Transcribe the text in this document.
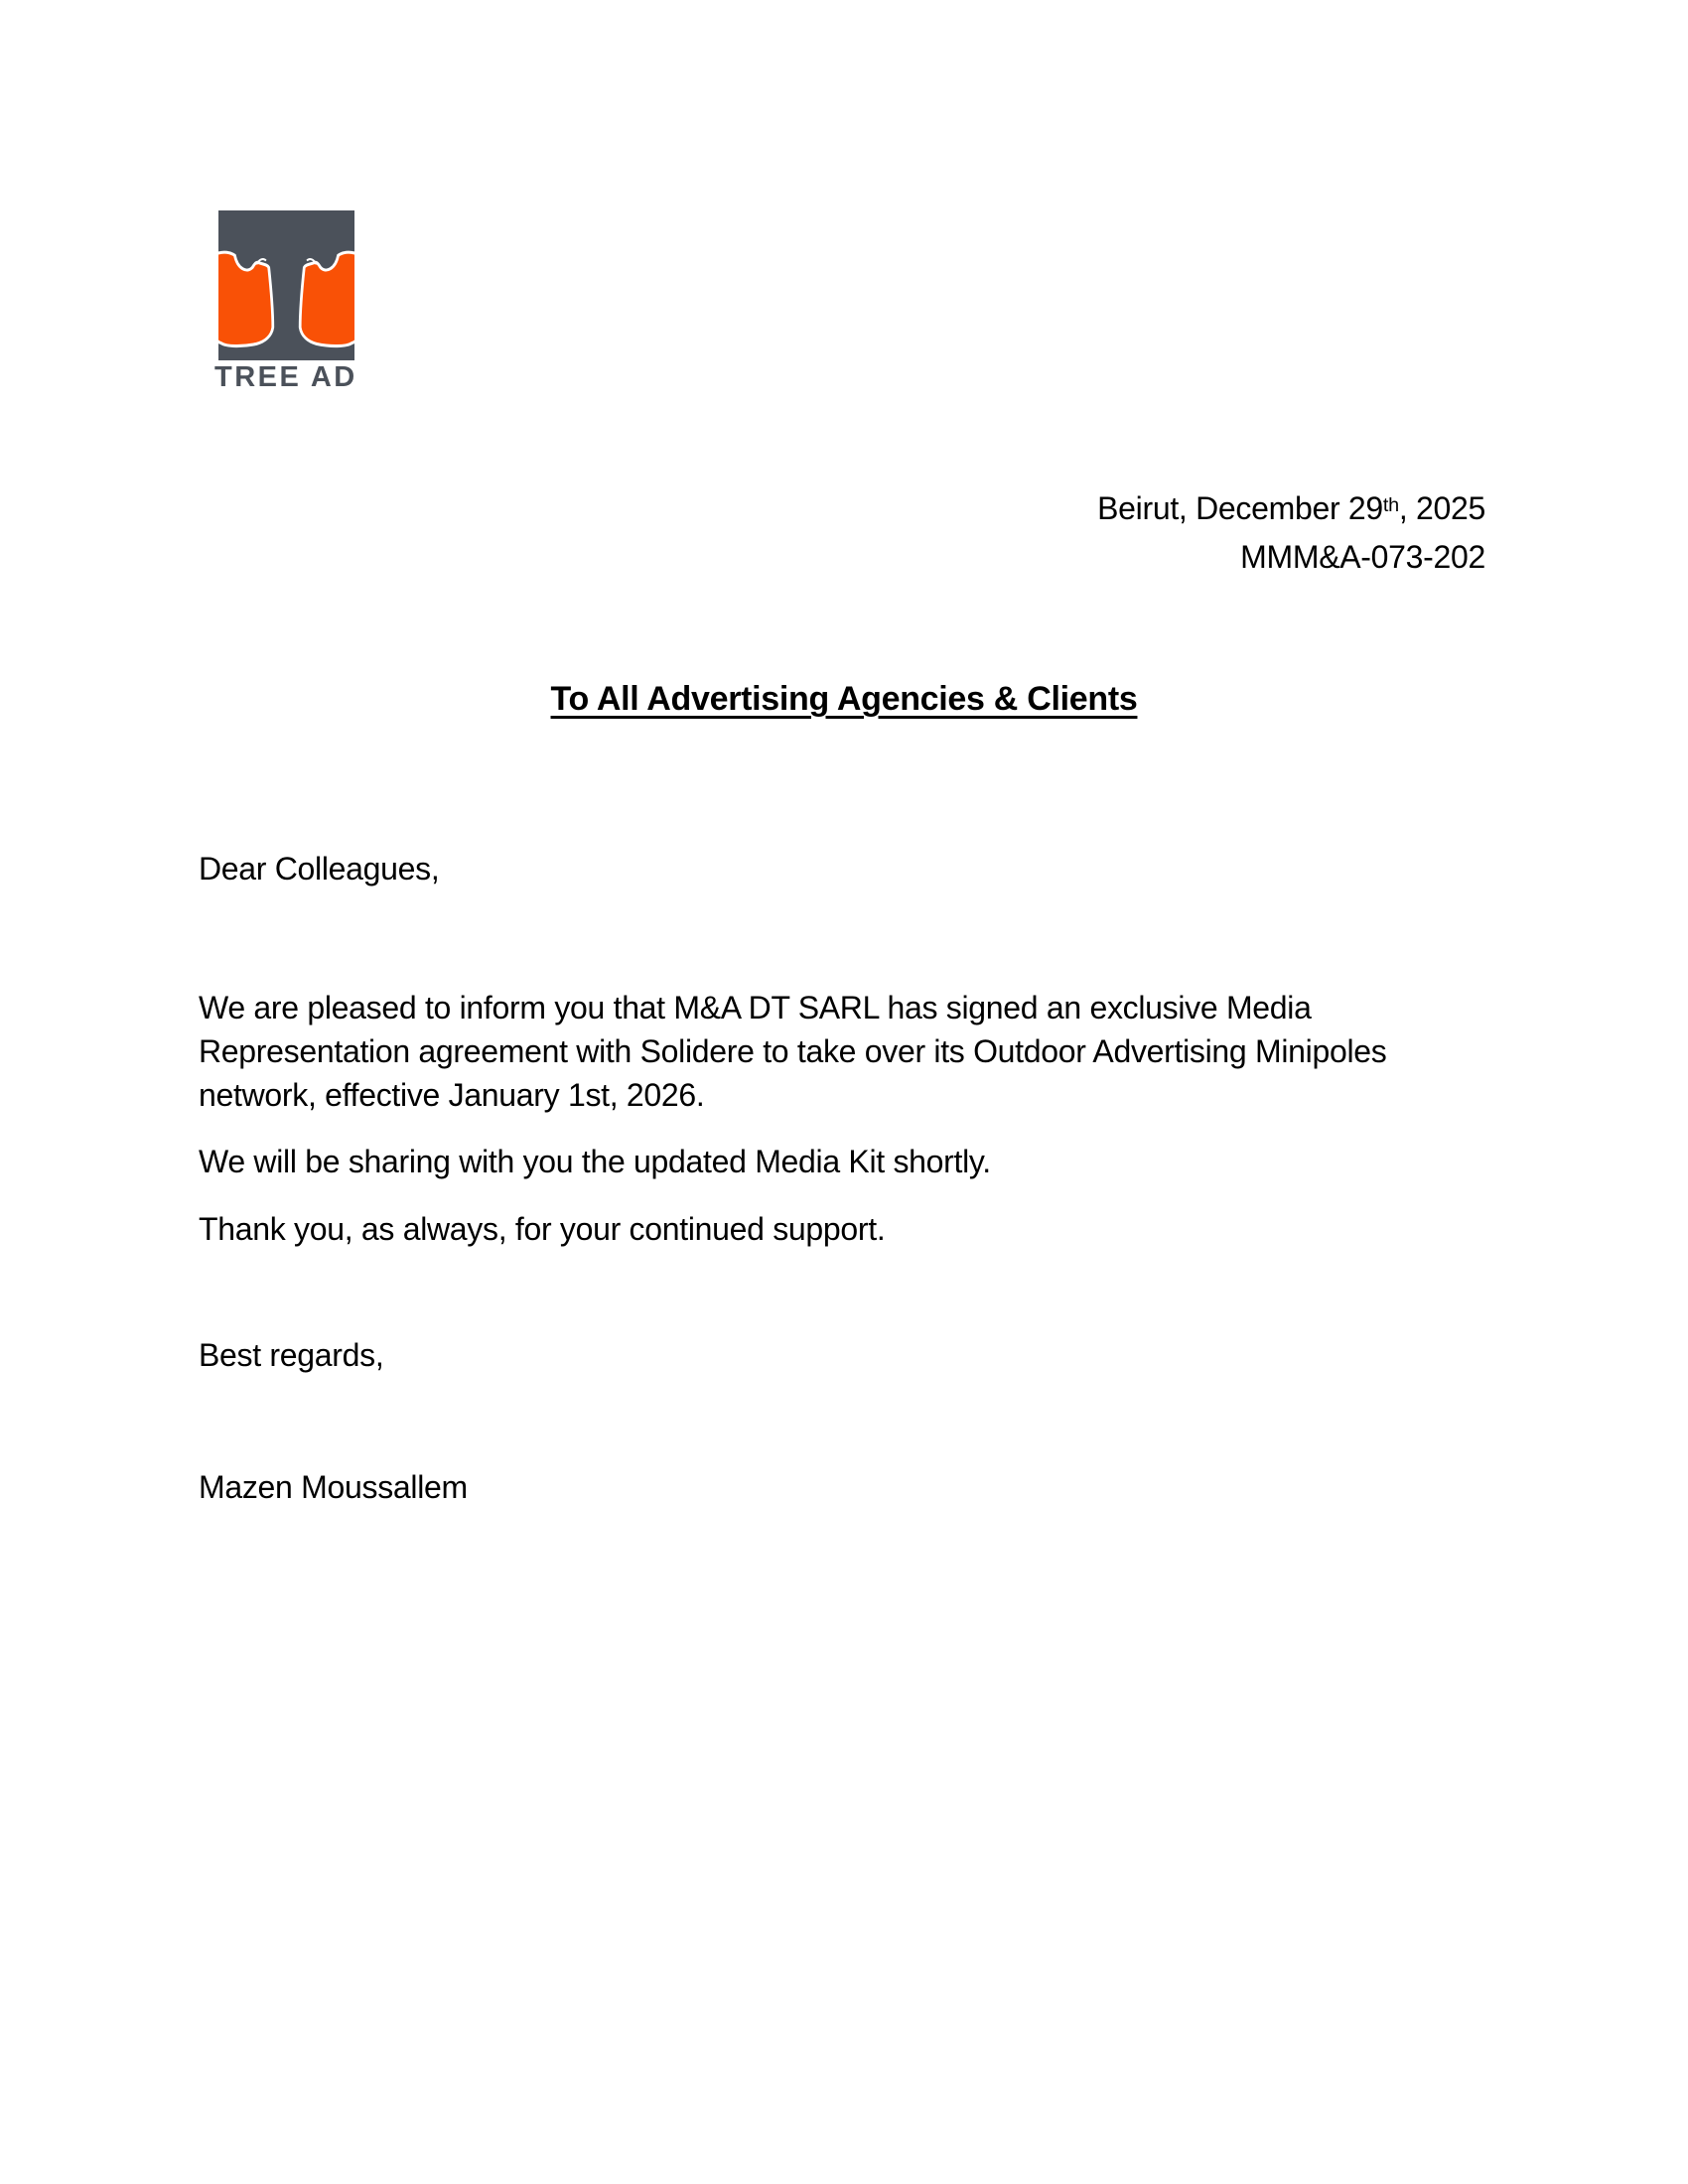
TREE AD
Beirut, December 29th, 2025
MMM&A-073-202
To All Advertising Agencies & Clients

Dear Colleagues,

We are pleased to inform you that M&A DT SARL has signed an exclusive Media Representation agreement with Solidere to take over its Outdoor Advertising Minipoles network, effective January 1st, 2026.

We will be sharing with you the updated Media Kit shortly.

Thank you, as always, for your continued support.

Best regards,

Mazen Moussallem
